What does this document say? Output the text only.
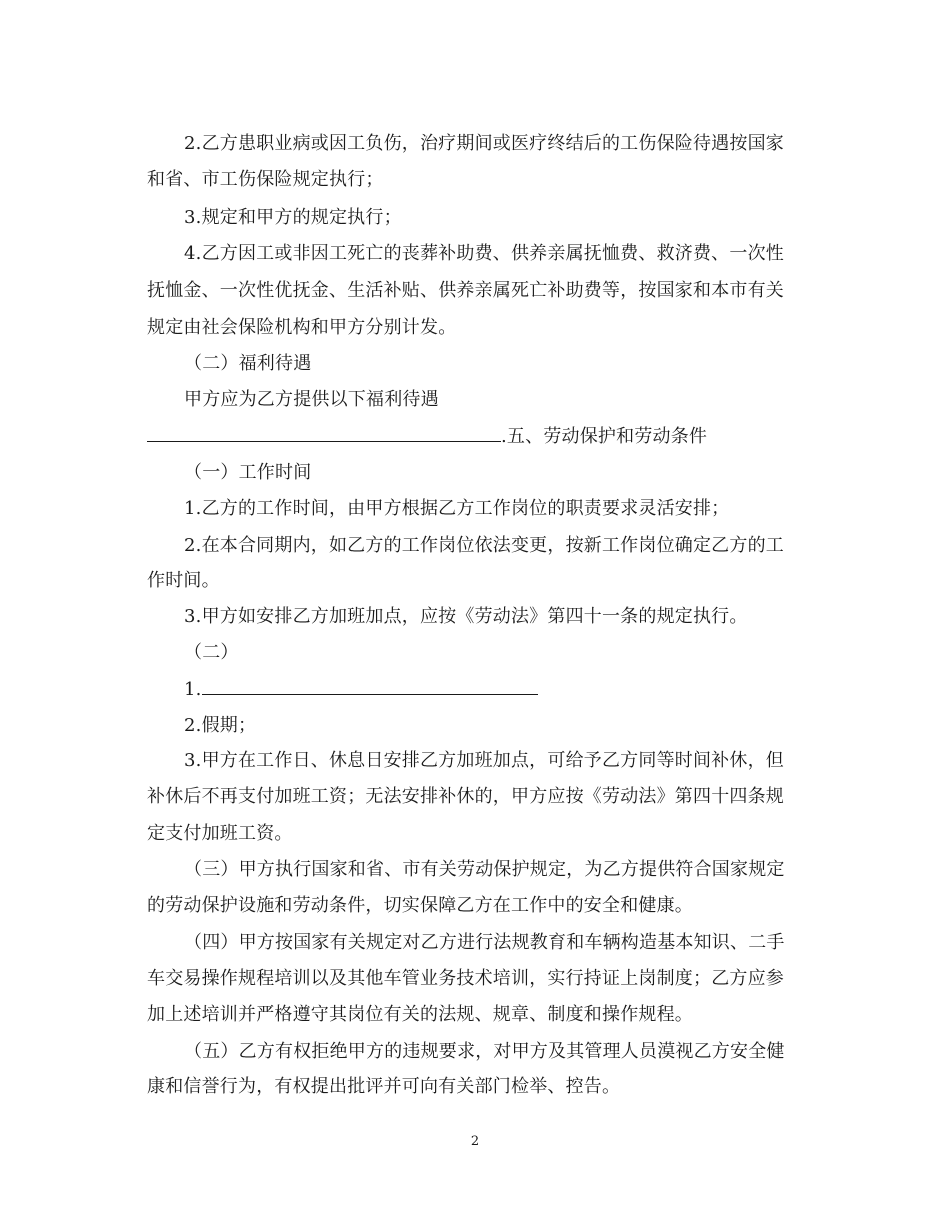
2.乙方患职业病或因工负伤，治疗期间或医疗终结后的工伤保险待遇按国家
和省、市工伤保险规定执行；
3.规定和甲方的规定执行；
4.乙方因工或非因工死亡的丧葬补助费、供养亲属抚恤费、救济费、一次性
抚恤金、一次性优抚金、生活补贴、供养亲属死亡补助费等，按国家和本市有关
规定由社会保险机构和甲方分别计发。
（二）福利待遇
甲方应为乙方提供以下福利待遇
.五、劳动保护和劳动条件
（一）工作时间
1.乙方的工作时间，由甲方根据乙方工作岗位的职责要求灵活安排；
2.在本合同期内，如乙方的工作岗位依法变更，按新工作岗位确定乙方的工
作时间。
3.甲方如安排乙方加班加点，应按《劳动法》第四十一条的规定执行。
（二）
1.
2.假期；
3.甲方在工作日、休息日安排乙方加班加点，可给予乙方同等时间补休，但
补休后不再支付加班工资；无法安排补休的，甲方应按《劳动法》第四十四条规
定支付加班工资。
（三）甲方执行国家和省、市有关劳动保护规定，为乙方提供符合国家规定
的劳动保护设施和劳动条件，切实保障乙方在工作中的安全和健康。
（四）甲方按国家有关规定对乙方进行法规教育和车辆构造基本知识、二手
车交易操作规程培训以及其他车管业务技术培训，实行持证上岗制度；乙方应参
加上述培训并严格遵守其岗位有关的法规、规章、制度和操作规程。
（五）乙方有权拒绝甲方的违规要求，对甲方及其管理人员漠视乙方安全健
康和信誉行为，有权提出批评并可向有关部门检举、控告。
2
